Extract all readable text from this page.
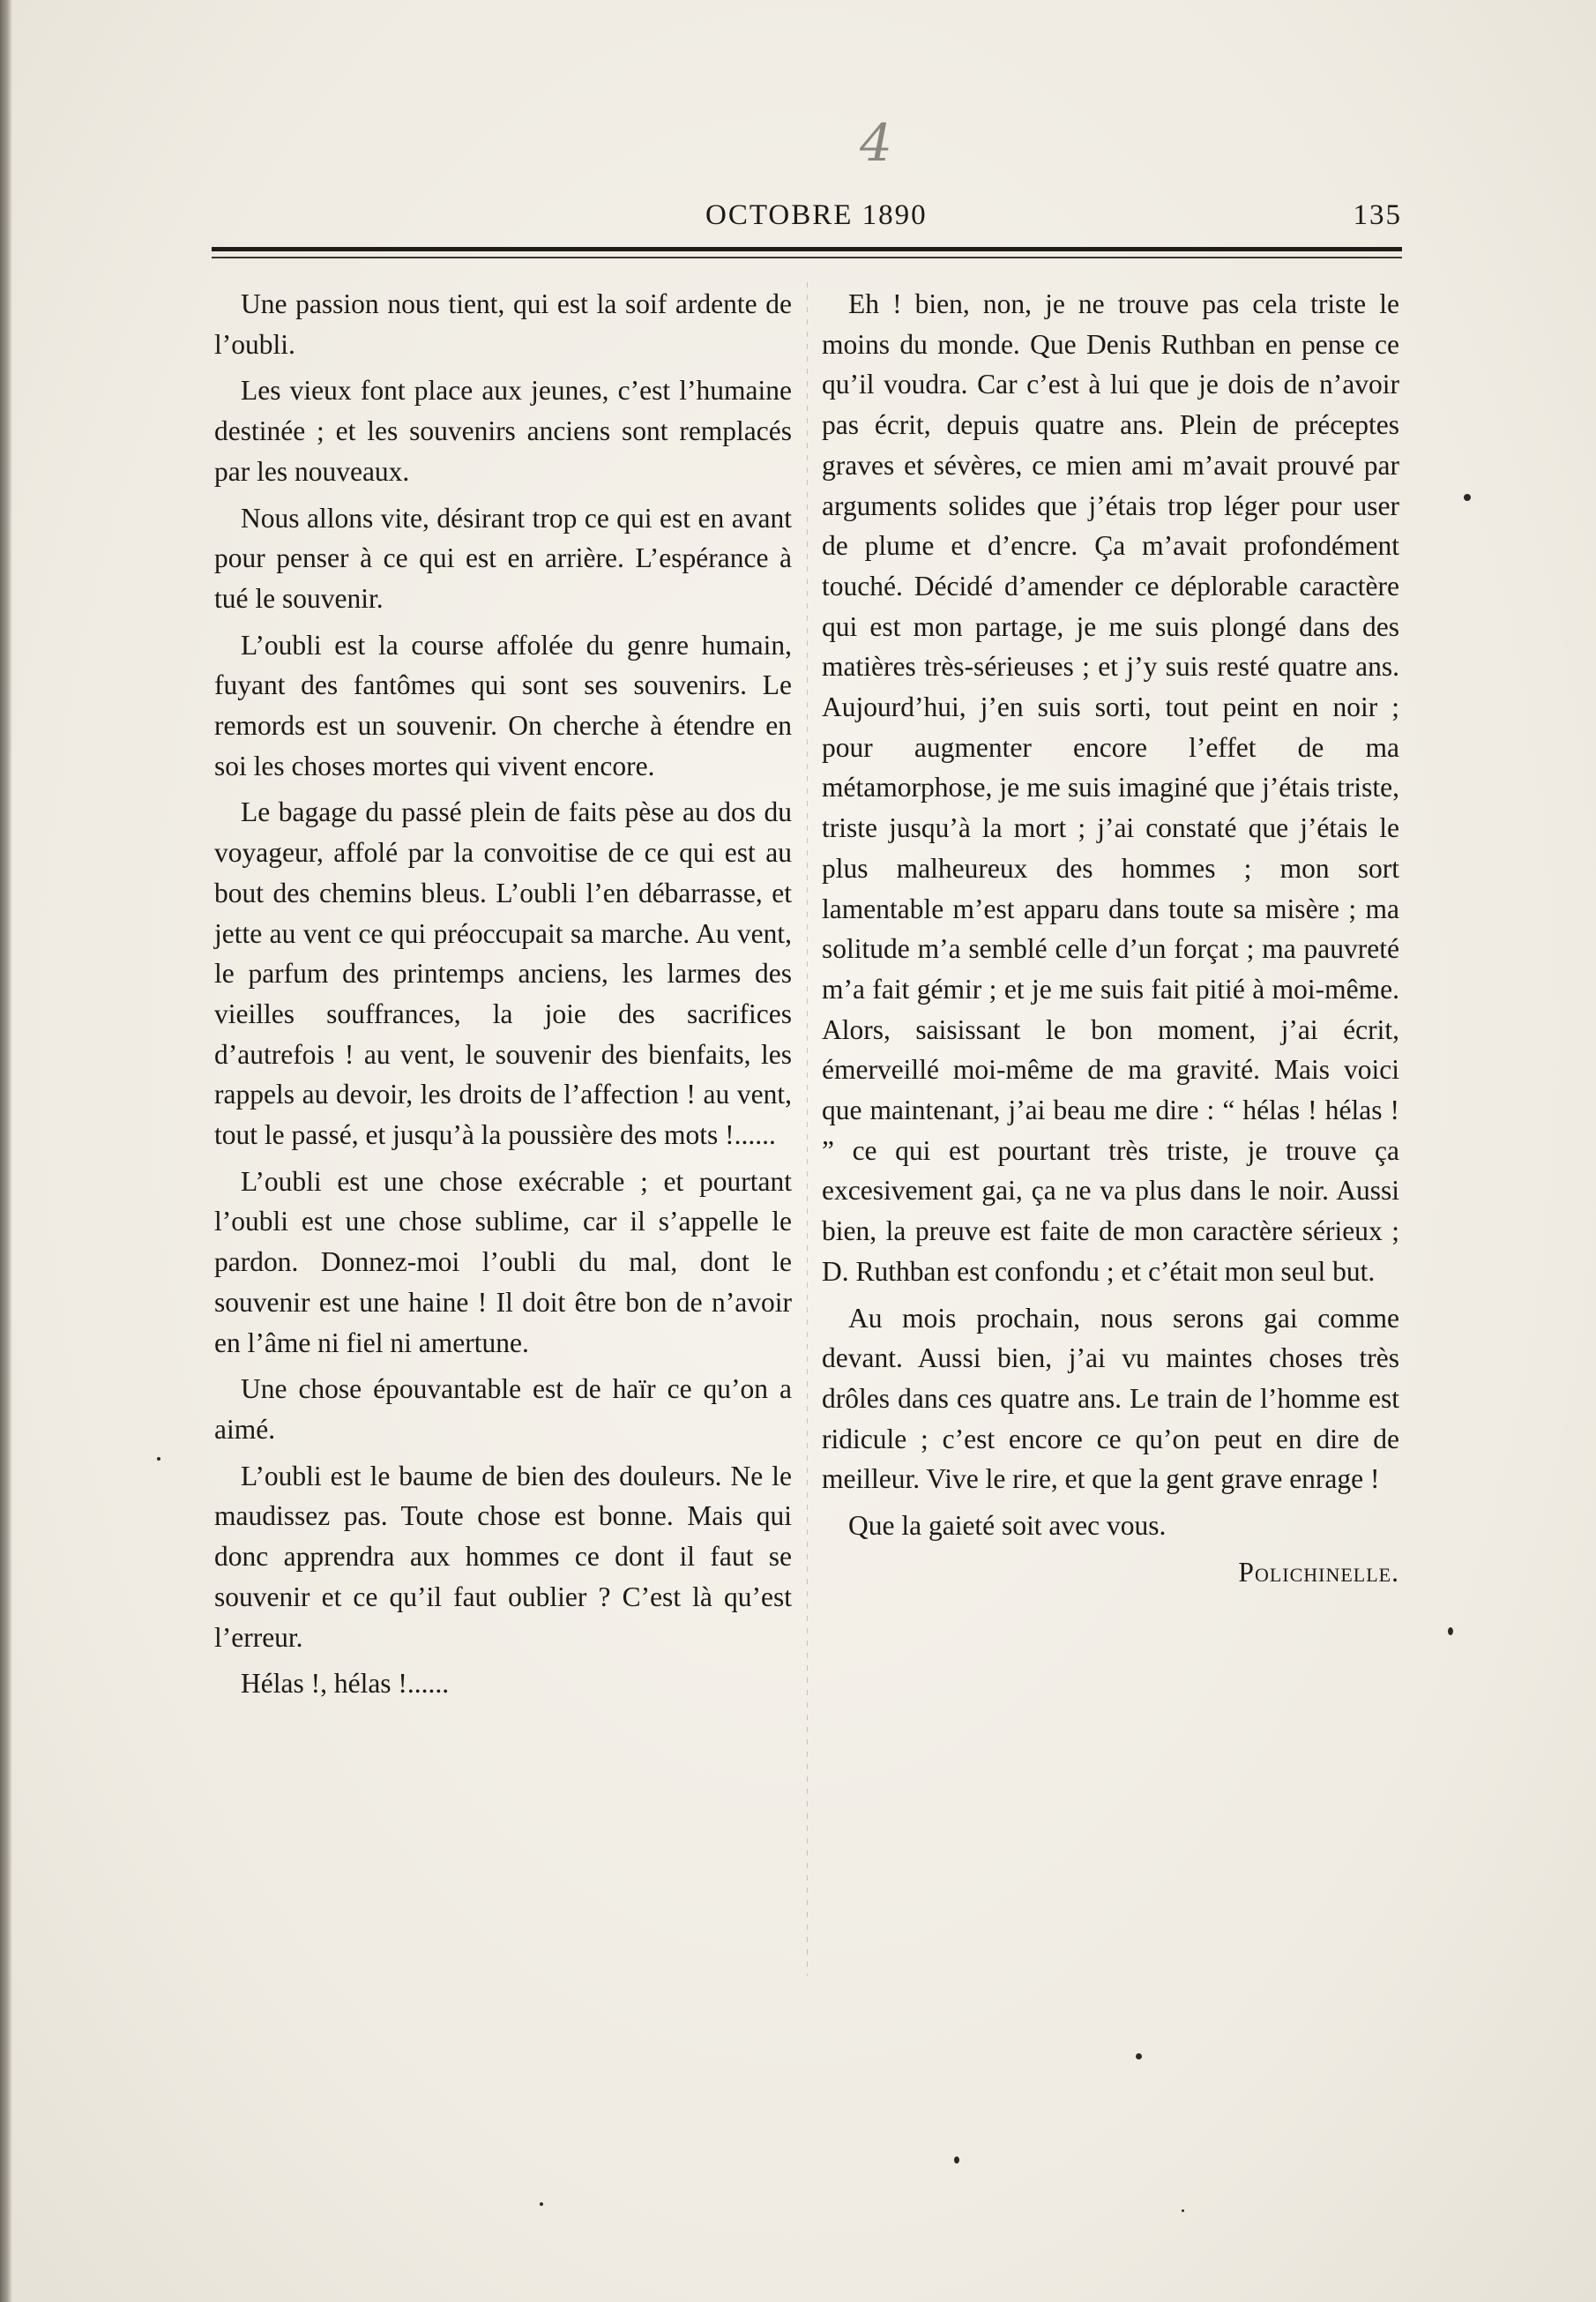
4
OCTOBRE 1890	135

Une passion nous tient, qui est la soif ardente de l’oubli.

Les vieux font place aux jeunes, c’est l’humaine destinée ; et les souvenirs anciens sont remplacés par les nouveaux.

Nous allons vite, désirant trop ce qui est en avant pour penser à ce qui est en arrière. L’espérance à tué le souvenir.

L’oubli est la course affolée du genre humain, fuyant des fantômes qui sont ses souvenirs. Le remords est un souvenir. On cherche à étendre en soi les choses mortes qui vivent encore.

Le bagage du passé plein de faits pèse au dos du voyageur, affolé par la convoitise de ce qui est au bout des chemins bleus. L’oubli l’en débarrasse, et jette au vent ce qui préoccupait sa marche. Au vent, le parfum des printemps anciens, les larmes des vieilles souffrances, la joie des sacrifices d’autrefois ! au vent, le souvenir des bienfaits, les rappels au devoir, les droits de l’affection ! au vent, tout le passé, et jusqu’à la poussière des mots !......

L’oubli est une chose exécrable ; et pourtant l’oubli est une chose sublime, car il s’appelle le pardon. Donnez-moi l’oubli du mal, dont le souvenir est une haine ! Il doit être bon de n’avoir en l’âme ni fiel ni amertune.

Une chose épouvantable est de haïr ce qu’on a aimé.

L’oubli est le baume de bien des douleurs. Ne le maudissez pas. Toute chose est bonne. Mais qui donc apprendra aux hommes ce dont il faut se souvenir et ce qu’il faut oublier ? C’est là qu’est l’erreur.

Hélas !, hélas !......

Eh ! bien, non, je ne trouve pas cela triste le moins du monde. Que Denis Ruthban en pense ce qu’il voudra. Car c’est à lui que je dois de n’avoir pas écrit, depuis quatre ans. Plein de préceptes graves et sévères, ce mien ami m’avait prouvé par arguments solides que j’étais trop léger pour user de plume et d’encre. Ça m’avait profondément touché. Décidé d’amender ce déplorable caractère qui est mon partage, je me suis plongé dans des matières très-sérieuses ; et j’y suis resté quatre ans. Aujourd’hui, j’en suis sorti, tout peint en noir ; pour augmenter encore l’effet de ma métamorphose, je me suis imaginé que j’étais triste, triste jusqu’à la mort ; j’ai constaté que j’étais le plus malheureux des hommes ; mon sort lamentable m’est apparu dans toute sa misère ; ma solitude m’a semblé celle d’un forçat ; ma pauvreté m’a fait gémir ; et je me suis fait pitié à moi-même. Alors, saisissant le bon moment, j’ai écrit, émerveillé moi-même de ma gravité. Mais voici que maintenant, j’ai beau me dire : “ hélas ! hélas ! ” ce qui est pourtant très triste, je trouve ça excesivement gai, ça ne va plus dans le noir. Aussi bien, la preuve est faite de mon caractère sérieux ; D. Ruthban est confondu ; et c’était mon seul but.

Au mois prochain, nous serons gai comme devant. Aussi bien, j’ai vu maintes choses très drôles dans ces quatre ans. Le train de l’homme est ridicule ; c’est encore ce qu’on peut en dire de meilleur. Vive le rire, et que la gent grave enrage !

Que la gaieté soit avec vous.

Polichinelle.
